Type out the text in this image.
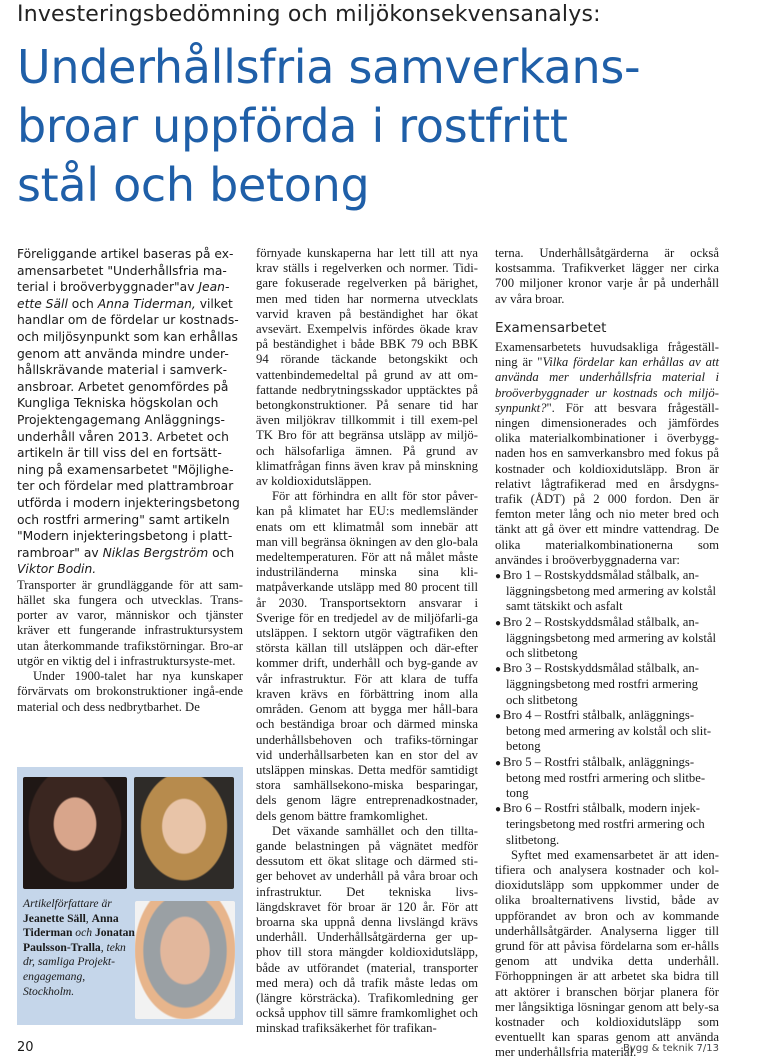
Investeringsbedömning och miljökonsekvensanalys:
Underhållsfria samverkans-
broar uppförda i rostfritt
stål och betong

Föreliggande artikel baseras på ex-amensarbetet "Underhållsfria ma-terial i broöverbyggnader"av Jean-ette Säll och Anna Tiderman, vilket handlar om de fördelar ur kostnads- och miljösynpunkt som kan erhållas genom att använda mindre under-hållskrävande material i samverk-ansbroar. Arbetet genomfördes på Kungliga Tekniska högskolan och Projektengagemang Anläggnings-underhåll våren 2013. Arbetet och artikeln är till viss del en fortsätt-ning på examensarbetet "Möjlighe-ter och fördelar med plattrambroar utförda i modern injekteringsbetong och rostfri armering" samt artikeln "Modern injekteringsbetong i platt-rambroar" av Niklas Bergström och Viktor Bodin.

Transporter är grundläggande för att sam-hället ska fungera och utvecklas. Trans-porter av varor, människor och tjänster kräver ett fungerande infrastruktursystem utan återkommande trafikstörningar. Bro-ar utgör en viktig del i infrastruktursyste-met.

Under 1900-talet har nya kunskaper förvärvats om brokonstruktioner ingå-ende material och dess nedbrytbarhet. De

Artikelförfattare är Jeanette Säll, Anna Tiderman och Jonatan Paulsson-Tralla, tekn dr, samliga Projekt-engagemang, Stockholm.

förnyade kunskaperna har lett till att nya krav ställs i regelverken och normer. Tidi-gare fokuserade regelverken på bärighet, men med tiden har normerna utvecklats varvid kraven på beständighet har ökat avsevärt. Exempelvis infördes ökade krav på beständighet i både BBK 79 och BBK 94 rörande täckande betongskikt och vattenbindemedeltal på grund av att om-fattande nedbrytningsskador upptäcktes på betongkonstruktioner. På senare tid har även miljökrav tillkommit i till exem-pel TK Bro för att begränsa utsläpp av miljö- och hälsofarliga ämnen. På grund av klimatfrågan finns även krav på minskning av koldioxidutsläppen.

För att förhindra en allt för stor påver-kan på klimatet har EU:s medlemsländer enats om ett klimatmål som innebär att man vill begränsa ökningen av den glo-bala medeltemperaturen. För att nå målet måste industriländerna minska sina kli-matpåverkande utsläpp med 80 procent till år 2030. Transportsektorn ansvarar i Sverige för en tredjedel av de miljöfarli-ga utsläppen. I sektorn utgör vägtrafiken den största källan till utsläppen och där-efter kommer drift, underhåll och byg-gande av vår infrastruktur. För att klara de tuffa kraven krävs en förbättring inom alla områden. Genom att bygga mer håll-bara och beständiga broar och därmed minska underhållsbehoven och trafiks-törningar vid underhållsarbeten kan en stor del av utsläppen minskas. Detta medför samtidigt stora samhällsekono-miska besparingar, dels genom lägre entreprenadkostnader, dels genom bättre framkomlighet.

Det växande samhället och den tillta-gande belastningen på vägnätet medför dessutom ett ökat slitage och därmed sti-ger behovet av underhåll på våra broar och infrastruktur. Det tekniska livs-längdskravet för broar är 120 år. För att broarna ska uppnå denna livslängd krävs underhåll. Underhållsåtgärderna ger up-phov till stora mängder koldioxidutsläpp, både av utförandet (material, transporter med mera) och då trafik måste ledas om (längre körsträcka). Trafikomledning ger också upphov till sämre framkomlighet och minskad trafiksäkerhet för trafikan-

terna. Underhållsåtgärderna är också kostsamma. Trafikverket lägger ner cirka 700 miljoner kronor varje år på underhåll av våra broar.

Examensarbetet

Examensarbetets huvudsakliga frågeställ-ning är "Vilka fördelar kan erhållas av att använda mer underhållsfria material i broöverbyggnader ur kostnads och miljö-synpunkt?". För att besvara frågeställ-ningen dimensionerades och jämfördes olika materialkombinationer i överbygg-naden hos en samverkansbro med fokus på kostnader och koldioxidutsläpp. Bron är relativt lågtrafikerad med en årsdygns-trafik (ÅDT) på 2 000 fordon. Den är femton meter lång och nio meter bred och tänkt att gå över ett mindre vattendrag. De olika materialkombinationerna som användes i broöverbyggnaderna var:

● Bro 1 – Rostskyddsmålad stålbalk, an-läggningsbetong med armering av kolstål samt tätskikt och asfalt
● Bro 2 – Rostskyddsmålad stålbalk, an-läggningsbetong med armering av kolstål och slitbetong
● Bro 3 – Rostskyddsmålad stålbalk, an-läggningsbetong med rostfri armering och slitbetong
● Bro 4 – Rostfri stålbalk, anläggnings-betong med armering av kolstål och slit-betong
● Bro 5 – Rostfri stålbalk, anläggnings-betong med rostfri armering och slitbe-tong
● Bro 6 – Rostfri stålbalk, modern injek-teringsbetong med rostfri armering och slitbetong.

Syftet med examensarbetet är att iden-tifiera och analysera kostnader och kol-dioxidutsläpp som uppkommer under de olika broalternativens livstid, både av uppförandet av bron och av kommande underhållsåtgärder. Analyserna ligger till grund för att påvisa fördelarna som er-hålls genom att undvika detta underhåll. Förhoppningen är att arbetet ska bidra till att aktörer i branschen börjar planera för mer långsiktiga lösningar genom att bely-sa kostnader och koldioxidutsläpp som eventuellt kan sparas genom att använda mer underhållsfria material.

20	Bygg & teknik 7/13
